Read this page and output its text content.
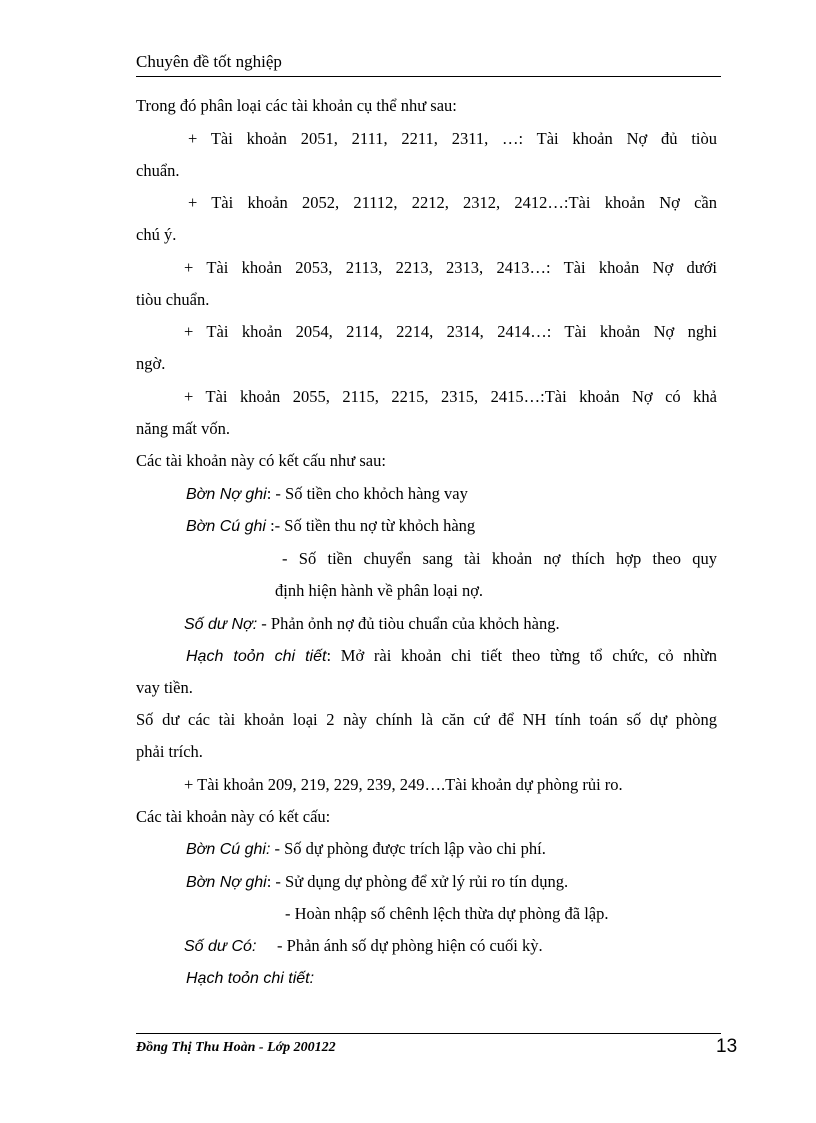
Chuyên đề tốt nghiệp
Trong đó phân loại các tài khoản cụ thể như sau:
+ Tài khoản 2051, 2111, 2211, 2311, …: Tài khoản Nợ đủ tiòu
chuẩn.
+ Tài khoản 2052, 21112, 2212, 2312, 2412…:Tài khoản Nợ cần
chú ý.
+ Tài khoản 2053, 2113, 2213, 2313, 2413…: Tài khoản Nợ dưới
tiòu chuẩn.
+ Tài khoản 2054, 2114, 2214, 2314, 2414…: Tài khoản Nợ nghi
ngờ.
+ Tài khoản 2055, 2115, 2215, 2315, 2415…:Tài khoản Nợ có khả
năng mất vốn.
Các tài khoản này có kết cấu như sau:
Bờn Nợ ghi: - Số tiền cho khỏch hàng vay
Bờn Cú ghi :- Số tiền thu nợ từ khỏch hàng
- Số tiền chuyển sang tài khoản nợ thích hợp theo quy
định hiện hành về phân loại nợ.
Số dư Nợ: - Phản ỏnh nợ đủ tiòu chuẩn của khỏch hàng.
Hạch toỏn chi tiết: Mở rài khoản chi tiết theo từng tổ chức, cỏ nhừn
vay tiền.
Số dư các tài khoản loại 2 này chính là căn cứ để NH tính toán số dự phòng
phải trích.
+ Tài khoản 209, 219, 229, 239, 249….Tài khoản dự phòng rủi ro.
Các tài khoản này có kết cấu:
Bờn Cú ghi: - Số dự phòng được trích lập vào chi phí.
Bờn Nợ ghi: - Sử dụng dự phòng để xử lý rủi ro tín dụng.
- Hoàn nhập số chênh lệch thừa dự phòng đã lập.
Số dư Có:     - Phản ánh số dự phòng hiện có cuối kỳ.
Hạch toỏn chi tiết:
Đồng Thị Thu Hoàn - Lớp 200122	13
